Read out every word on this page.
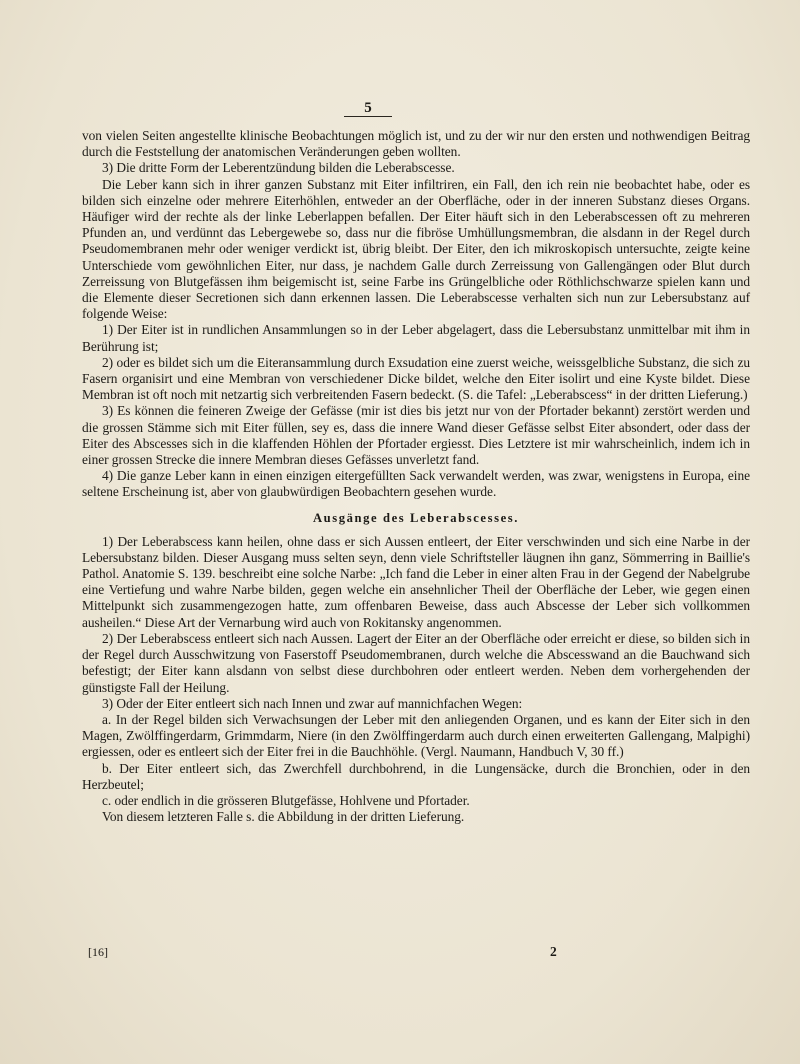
5

von vielen Seiten angestellte klinische Beobachtungen möglich ist, und zu der wir nur den ersten und nothwendigen Beitrag durch die Feststellung der anatomischen Veränderungen geben wollten.

3) Die dritte Form der Leberentzündung bilden die Leberabscesse.

Die Leber kann sich in ihrer ganzen Substanz mit Eiter infiltriren, ein Fall, den ich rein nie beobachtet habe, oder es bilden sich einzelne oder mehrere Eiterhöhlen, entweder an der Oberfläche, oder in der inneren Substanz dieses Organs. Häufiger wird der rechte als der linke Leberlappen befallen. Der Eiter häuft sich in den Leberabscessen oft zu mehreren Pfunden an, und verdünnt das Lebergewebe so, dass nur die fibröse Umhüllungsmembran, die alsdann in der Regel durch Pseudomembranen mehr oder weniger verdickt ist, übrig bleibt. Der Eiter, den ich mikroskopisch untersuchte, zeigte keine Unterschiede vom gewöhnlichen Eiter, nur dass, je nachdem Galle durch Zerreissung von Gallengängen oder Blut durch Zerreissung von Blutgefässen ihm beigemischt ist, seine Farbe ins Grüngelbliche oder Röthlichschwarze spielen kann und die Elemente dieser Secretionen sich dann erkennen lassen. Die Leberabscesse verhalten sich nun zur Lebersubstanz auf folgende Weise:

1) Der Eiter ist in rundlichen Ansammlungen so in der Leber abgelagert, dass die Lebersubstanz unmittelbar mit ihm in Berührung ist;

2) oder es bildet sich um die Eiteransammlung durch Exsudation eine zuerst weiche, weissgelbliche Substanz, die sich zu Fasern organisirt und eine Membran von verschiedener Dicke bildet, welche den Eiter isolirt und eine Kyste bildet. Diese Membran ist oft noch mit netzartig sich verbreitenden Fasern bedeckt. (S. die Tafel: „Leberabscess“ in der dritten Lieferung.)

3) Es können die feineren Zweige der Gefässe (mir ist dies bis jetzt nur von der Pfortader bekannt) zerstört werden und die grossen Stämme sich mit Eiter füllen, sey es, dass die innere Wand dieser Gefässe selbst Eiter absondert, oder dass der Eiter des Abscesses sich in die klaffenden Höhlen der Pfortader ergiesst. Dies Letztere ist mir wahrscheinlich, indem ich in einer grossen Strecke die innere Membran dieses Gefässes unverletzt fand.

4) Die ganze Leber kann in einen einzigen eitergefüllten Sack verwandelt werden, was zwar, wenigstens in Europa, eine seltene Erscheinung ist, aber von glaubwürdigen Beobachtern gesehen wurde.

Ausgänge des Leberabscesses.

1) Der Leberabscess kann heilen, ohne dass er sich Aussen entleert, der Eiter verschwinden und sich eine Narbe in der Lebersubstanz bilden. Dieser Ausgang muss selten seyn, denn viele Schriftsteller läugnen ihn ganz, Sömmerring in Baillie's Pathol. Anatomie S. 139. beschreibt eine solche Narbe: „Ich fand die Leber in einer alten Frau in der Gegend der Nabelgrube eine Vertiefung und wahre Narbe bilden, gegen welche ein ansehnlicher Theil der Oberfläche der Leber, wie gegen einen Mittelpunkt sich zusammengezogen hatte, zum offenbaren Beweise, dass auch Abscesse der Leber sich vollkommen ausheilen.“ Diese Art der Vernarbung wird auch von Rokitansky angenommen.

2) Der Leberabscess entleert sich nach Aussen. Lagert der Eiter an der Oberfläche oder erreicht er diese, so bilden sich in der Regel durch Ausschwitzung von Faserstoff Pseudomembranen, durch welche die Abscesswand an die Bauchwand sich befestigt; der Eiter kann alsdann von selbst diese durchbohren oder entleert werden. Neben dem vorhergehenden der günstigste Fall der Heilung.

3) Oder der Eiter entleert sich nach Innen und zwar auf mannichfachen Wegen:

a. In der Regel bilden sich Verwachsungen der Leber mit den anliegenden Organen, und es kann der Eiter sich in den Magen, Zwölffingerdarm, Grimmdarm, Niere (in den Zwölffingerdarm auch durch einen erweiterten Gallengang, Malpighi) ergiessen, oder es entleert sich der Eiter frei in die Bauchhöhle. (Vergl. Naumann, Handbuch V, 30 ff.)

b. Der Eiter entleert sich, das Zwerchfell durchbohrend, in die Lungensäcke, durch die Bronchien, oder in den Herzbeutel;

c. oder endlich in die grösseren Blutgefässe, Hohlvene und Pfortader.

Von diesem letzteren Falle s. die Abbildung in der dritten Lieferung.

[16]	2
